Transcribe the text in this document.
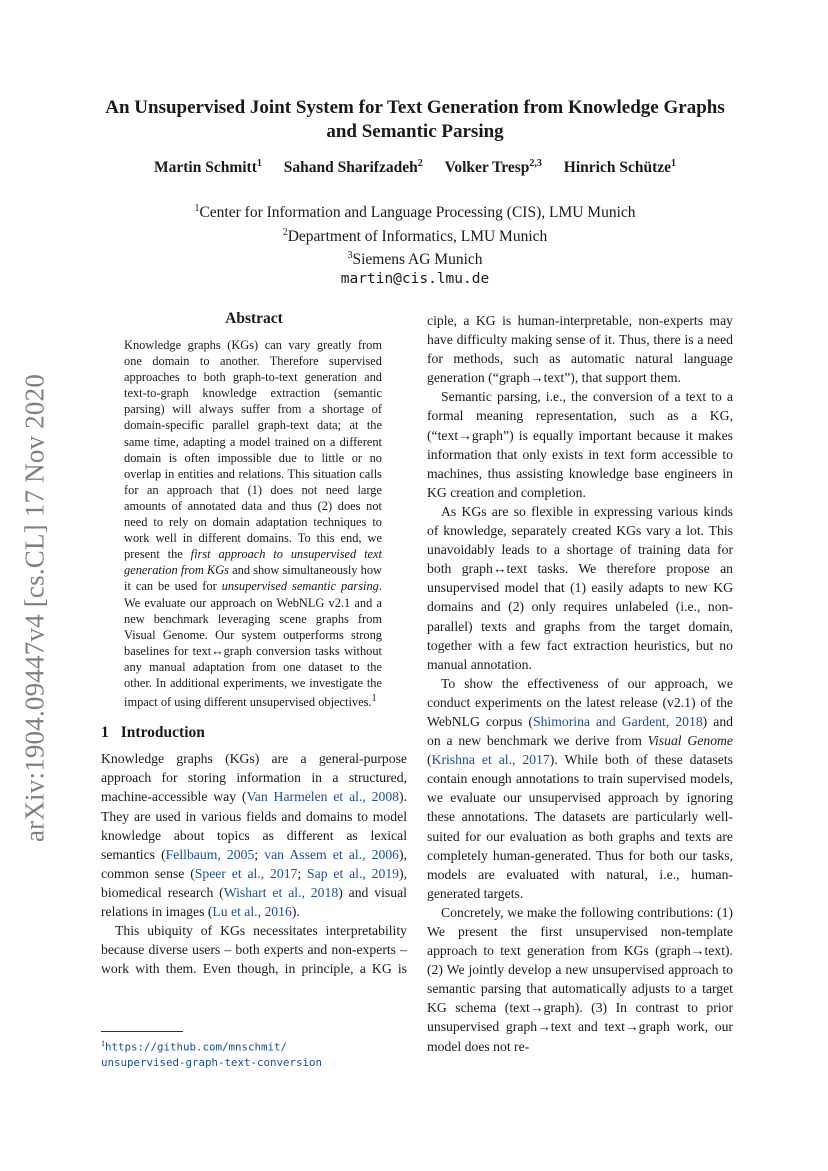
arXiv:1904.09447v4 [cs.CL] 17 Nov 2020
An Unsupervised Joint System for Text Generation from Knowledge Graphs and Semantic Parsing
Martin Schmitt$^1$ Sahand Sharifzadeh$^2$ Volker Tresp$^{2,3}$ Hinrich Schütze$^1$
$^1$Center for Information and Language Processing (CIS), LMU Munich
$^2$Department of Informatics, LMU Munich
$^3$Siemens AG Munich
martin@cis.lmu.de
Abstract
Knowledge graphs (KGs) can vary greatly from one domain to another. Therefore supervised approaches to both graph-to-text generation and text-to-graph knowledge extraction (semantic parsing) will always suffer from a shortage of domain-specific parallel graph-text data; at the same time, adapting a model trained on a different domain is often impossible due to little or no overlap in entities and relations. This situation calls for an approach that (1) does not need large amounts of annotated data and thus (2) does not need to rely on domain adaptation techniques to work well in different domains. To this end, we present the first approach to unsupervised text generation from KGs and show simultaneously how it can be used for unsupervised semantic parsing. We evaluate our approach on WebNLG v2.1 and a new benchmark leveraging scene graphs from Visual Genome. Our system outperforms strong baselines for text↔graph conversion tasks without any manual adaptation from one dataset to the other. In additional experiments, we investigate the impact of using different unsupervised objectives.$^1$
1 Introduction

Knowledge graphs (KGs) are a general-purpose approach for storing information in a structured, machine-accessible way (Van Harmelen et al., 2008). They are used in various fields and domains to model knowledge about topics as different as lexical semantics (Fellbaum, 2005; van Assem et al., 2006), common sense (Speer et al., 2017; Sap et al., 2019), biomedical research (Wishart et al., 2018) and visual relations in images (Lu et al., 2016).

This ubiquity of KGs necessitates interpretability because diverse users – both experts and non-experts – work with them. Even though, in principle, a KG is

ciple, a KG is human-interpretable, non-experts may have difficulty making sense of it. Thus, there is a need for methods, such as automatic natural language generation (“graph→text”), that support them.

Semantic parsing, i.e., the conversion of a text to a formal meaning representation, such as a KG, (“text→graph”) is equally important because it makes information that only exists in text form accessible to machines, thus assisting knowledge base engineers in KG creation and completion.

As KGs are so flexible in expressing various kinds of knowledge, separately created KGs vary a lot. This unavoidably leads to a shortage of training data for both graph↔text tasks. We therefore propose an unsupervised model that (1) easily adapts to new KG domains and (2) only requires unlabeled (i.e., non-parallel) texts and graphs from the target domain, together with a few fact extraction heuristics, but no manual annotation.

To show the effectiveness of our approach, we conduct experiments on the latest release (v2.1) of the WebNLG corpus (Shimorina and Gardent, 2018) and on a new benchmark we derive from Visual Genome (Krishna et al., 2017). While both of these datasets contain enough annotations to train supervised models, we evaluate our unsupervised approach by ignoring these annotations. The datasets are particularly well-suited for our evaluation as both graphs and texts are completely human-generated. Thus for both our tasks, models are evaluated with natural, i.e., human-generated targets.

Concretely, we make the following contributions: (1) We present the first unsupervised non-template approach to text generation from KGs (graph→text). (2) We jointly develop a new unsupervised approach to semantic parsing that automatically adjusts to a target KG schema (text→graph). (3) In contrast to prior unsupervised graph→text and text→graph work, our model does not re-

$^1$https://github.com/mnschmit/
unsupervised-graph-text-conversion
